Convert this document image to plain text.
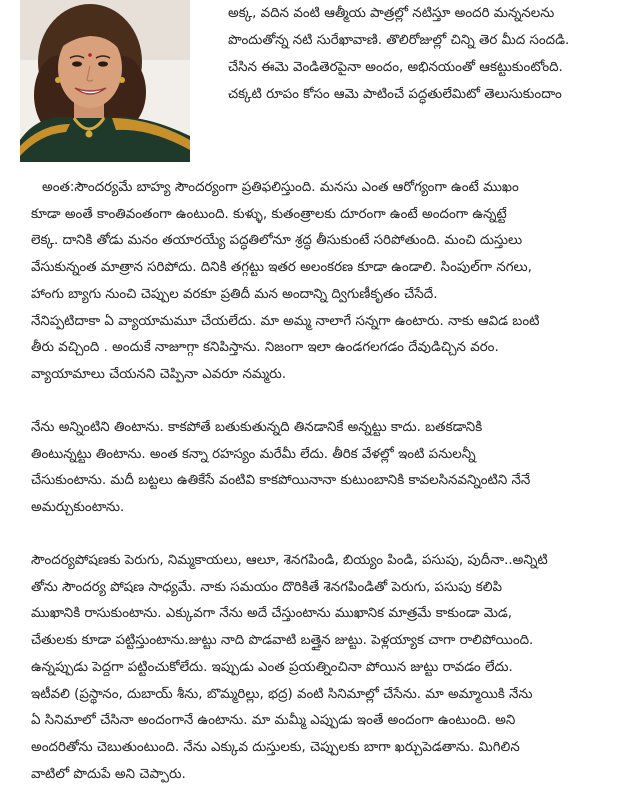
అక్క, వదిన వంటి ఆత్మీయ పాత్రల్లో నటిస్తూ అందరి మన్ననలను
పొందుతోన్న నటి సురేఖావాణి. తొలిరోజుల్లో చిన్ని తెర మీద సందడి.
చేసిన ఈమె వెండితెరపైనా అందం, అభినయంతో ఆకట్టుకుంటోంది.
చక్కటి రూపం కోసం ఆమె పాటించే పద్ధతులేమిటో తెలుసుకుందాం
అంత:సౌందర్యమే బాహ్య సౌందర్యంగా ప్రతిఫలిస్తుంది. మనసు ఎంత ఆరోగ్యంగా ఉంటే ముఖం
కూడా అంతే కాంతివంతంగా ఉంటుంది. కుళ్ళు, కుతంత్రాలకు దూరంగా ఉంటే అందంగా ఉన్నట్టే
లెక్క. దానికి తోడు మనం తయారయ్యే పద్ధతిలోనూ శ్రద్ధ తీసుకుంటే సరిపోతుంది. మంచి దుస్తులు
వేసుకున్నంత మాత్రాన సరిపోదు. దినికి తగ్గట్టు ఇతర అలంకరణ కూడా ఉండాలి. సింపుల్‌గా నగలు,
హాంగు బ్యాగు నుంచి చెప్పుల వరకూ ప్రతిదీ మన అందాన్ని ద్విగుణీకృతం చేసేదే.
నేనిప్పటిదాకా ఏ వ్యాయామమూ చేయలేదు. మా అమ్మ నాలాగే సన్నగా ఉంటారు. నాకు ఆవిడ బంటి
తీరు వచ్చింది . అందుకే నాజూగ్గా కనిపిస్తాను. నిజంగా ఇలా ఉండగలగడం దేవుడిచ్చిన వరం.
వ్యాయామాలు చేయనని చెప్పినా ఎవరూ నమ్మరు.
నేను అన్నింటిని తింటాను. కాకపోతే బతుకుతున్నది తినడానికే అన్నట్టు కాదు. బతకడానికి
తింటున్నట్టు తింటాను. అంత కన్నా రహస్యం మరేమీ లేదు. తీరిక వేళల్లో ఇంటి పనులన్నీ
చేసుకుంటాను. మదీ బట్టలు ఉతికేసే వంటివి కాకపోయినానా కుటుంబానికి కావలసినవన్నింటిని నేనే
అమర్చుకుంటాను.
సౌందర్యపోషణకు పెరుగు, నిమ్మకాయలు, ఆలూ, శెనగపిండి, బియ్యం పిండి, పసుపు, పుదీనా..అన్నిటి
తోను సౌందర్య పోషణ సాధ్యమే. నాకు సమయం దొరికితే శెనగపిండితో పెరుగు, పసుపు కలిపి
ముఖానికి రాసుకుంటాను. ఎక్కువగా నేను అదే చేస్తుంటాను ముఖానిక మాత్రమే కాకుండా మెడ,
చేతులకు కూడా పట్టిస్తుంటాను.జుట్టు నాది పొడవాటి బత్తైన జుట్టు. పెళ్లయ్యాక చాగా రాలిపోయింది.
ఉన్నప్పుడు పెద్దగా పట్టించుకోలేదు. ఇప్పుడు ఎంత ప్రయత్నించినా పోయిన జుట్టు రావడం లేదు.
ఇటీవలి (ప్రస్థానం, దుబాయ్ శీను, బొమ్మరిల్లు, భద్ర) వంటి సినిమాల్లో చేసేను. మా అమ్మాయికి నేను
ఏ సినిమాలో చేసినా అందంగానే ఉంటాను. మా మమ్మీ ఎప్పుడు ఇంతే అందంగా ఉంటుంది. అని
అందరితోను చెబుతుంటుంది. నేను ఎక్కువ దుస్తులకు, చెప్పులకు బాగా ఖర్చుపెడతాను. మిగిలిన
వాటిలో పొదుపే అని చెప్పారు.
